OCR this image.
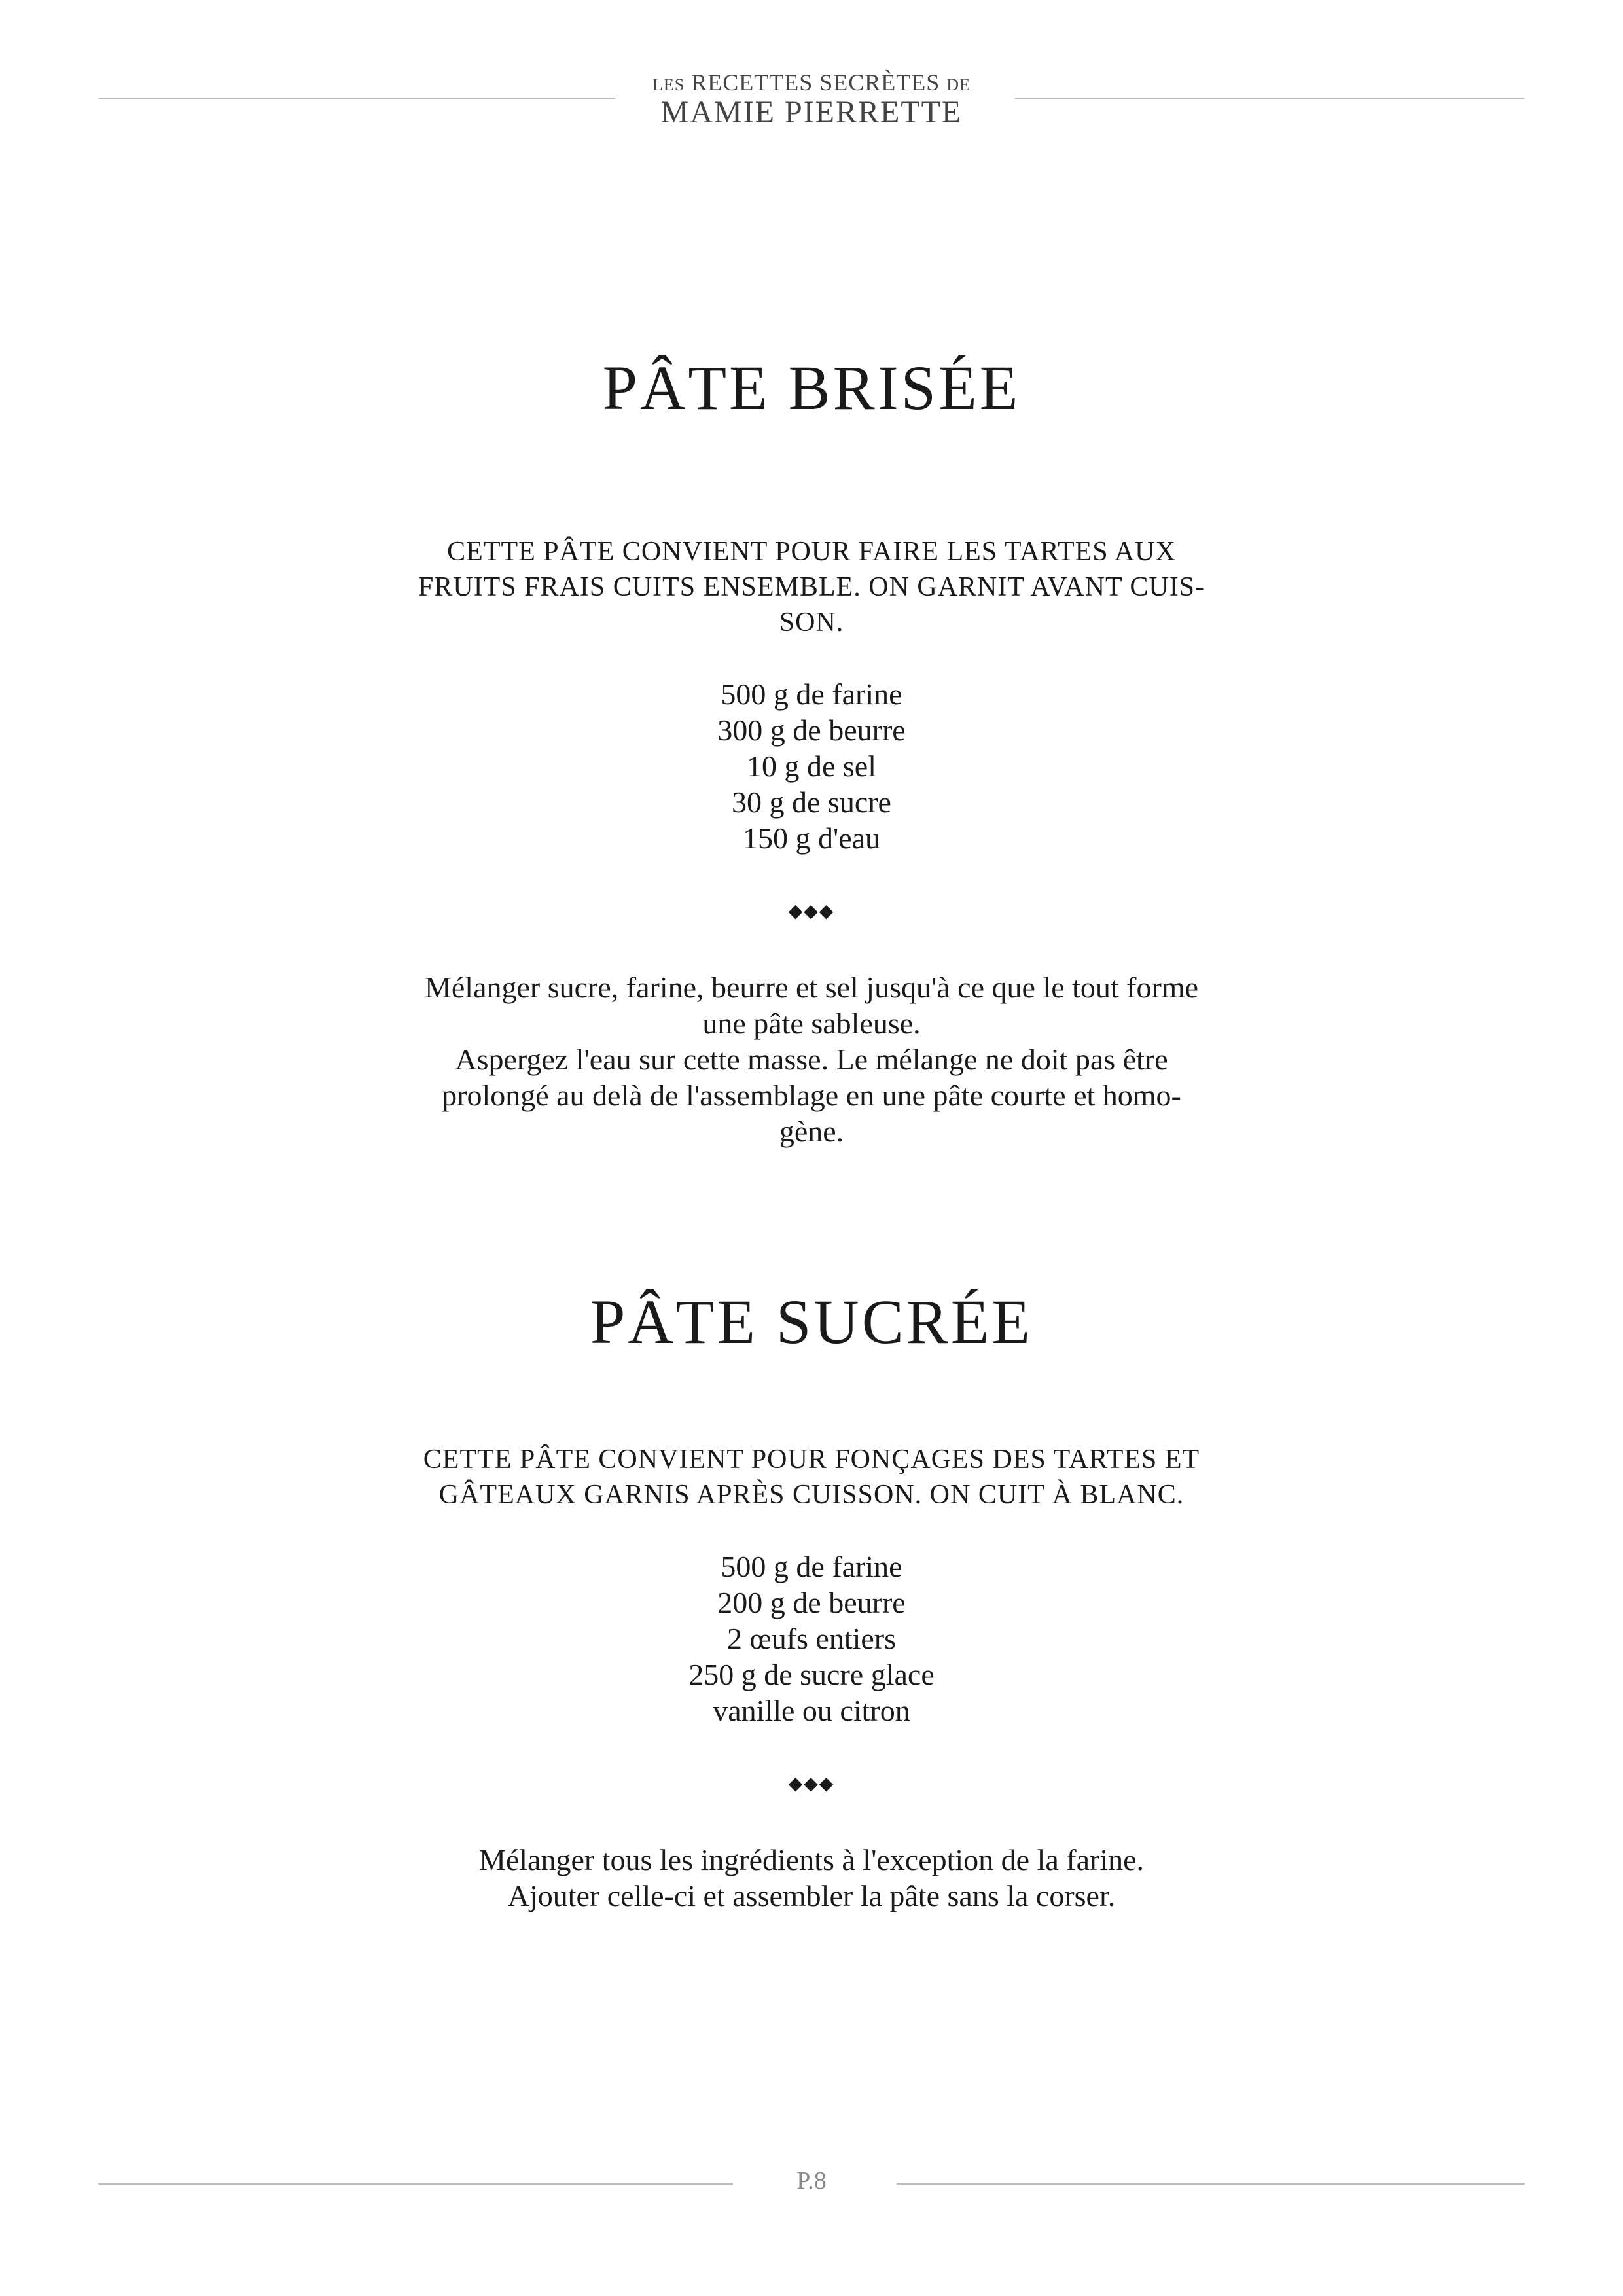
LES RECETTES SECRÈTES DE
MAMIE PIERRETTE
PÂTE BRISÉE
CETTE PÂTE CONVIENT POUR FAIRE LES TARTES AUX
FRUITS FRAIS CUITS ENSEMBLE. ON GARNIT AVANT CUIS-
SON.
500 g de farine
300 g de beurre
10 g de sel
30 g de sucre
150 g d'eau
◆◆◆
Mélanger sucre, farine, beurre et sel jusqu'à ce que le tout forme
une pâte sableuse.
Aspergez l'eau sur cette masse. Le mélange ne doit pas être
prolongé au delà de l'assemblage en une pâte courte et homo-
gène.
PÂTE SUCRÉE
CETTE PÂTE CONVIENT POUR FONÇAGES DES TARTES ET
GÂTEAUX GARNIS APRÈS CUISSON. ON CUIT À BLANC.
500 g de farine
200 g de beurre
2 œufs entiers
250 g de sucre glace
vanille ou citron
◆◆◆
Mélanger tous les ingrédients à l'exception de la farine.
Ajouter celle-ci et assembler la pâte sans la corser.
P.8
